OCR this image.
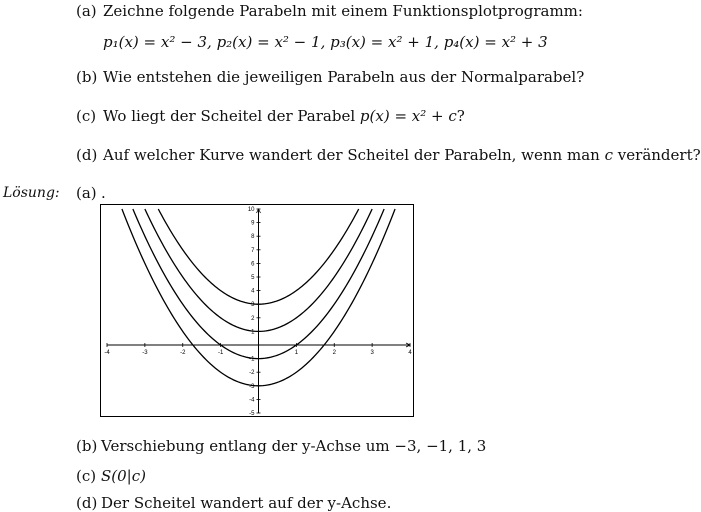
(a) Zeichne folgende Parabeln mit einem Funktionsplotprogramm:
p₁(x) = x² − 3, p₂(x) = x² − 1, p₃(x) = x² + 1, p₄(x) = x² + 3
(b) Wie entstehen die jeweiligen Parabeln aus der Normalparabel?
(c) Wo liegt der Scheitel der Parabel p(x) = x² + c?
(d) Auf welcher Kurve wandert der Scheitel der Parabeln, wenn man c verändert?
Lösung: (a) .
-4	-3	-2	-1	1	2	3	4
-5
-4
-3
-2
-1
1
2
3
4
5
6
7
8
9
10
(b) Verschiebung entlang der y-Achse um −3, −1, 1, 3
(c) S(0|c)
(d) Der Scheitel wandert auf der y-Achse.
